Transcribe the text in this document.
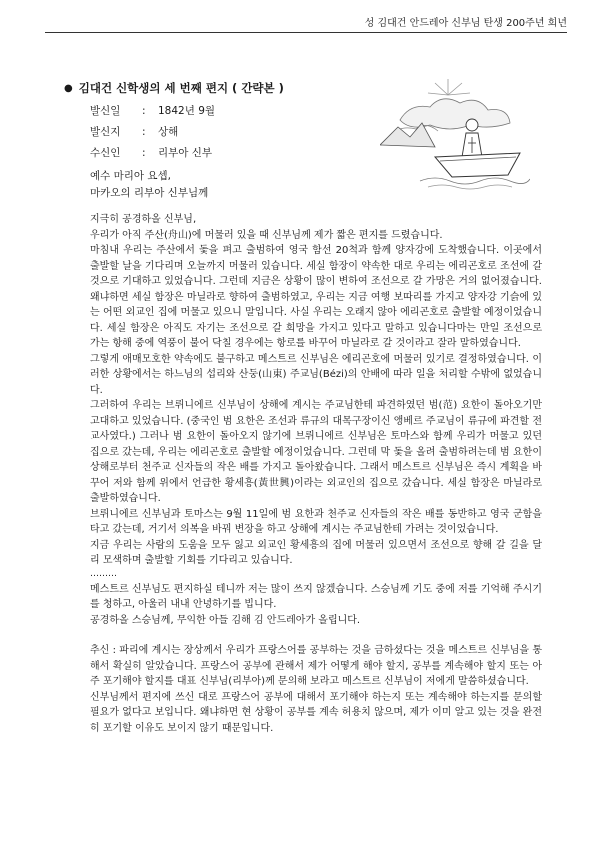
성 김대건 안드레아 신부님 탄생 200주년 희년
● 김대건 신학생의 세 번째 편지 ( 간략본 )
발신일	:	1842년 9월
발신지	:	상해
수신인	:	리부아 신부
예수 마리아 요셉,
마카오의 리부아 신부님께

지극히 공경하올 신부님,

우리가 아직 주산(舟山)에 머물러 있을 때 신부님께 제가 짧은 편지를 드렸습니다.

마침내 우리는 주산에서 돛을 펴고 출범하여 영국 함선 20척과 함께 양자강에 도착했습니다. 이곳에서 출발할 날을 기다리며 오늘까지 머물러 있습니다. 세실 함장이 약속한 대로 우리는 에리곤호로 조선에 갈 것으로 기대하고 있었습니다. 그런데 지금은 상황이 많이 변하여 조선으로 갈 가망은 거의 없어졌습니다. 왜냐하면 세실 함장은 마닐라로 향하여 출범하였고, 우리는 지금 여행 보따리를 가지고 양자강 기슭에 있는 어떤 외교인 집에 머물고 있으니 말입니다. 사실 우리는 오래지 않아 에리곤호로 출발할 예정이었습니다. 세실 함장은 아직도 자기는 조선으로 갈 희망을 가지고 있다고 말하고 있습니다마는 만일 조선으로 가는 항해 중에 역풍이 불어 닥칠 경우에는 항로를 바꾸어 마닐라로 갈 것이라고 잘라 말하였습니다.

그렇게 애매모호한 약속에도 불구하고 메스트르 신부님은 에리곤호에 머물러 있기로 결정하였습니다. 이러한 상황에서는 하느님의 섭리와 산둥(山東) 주교님(Bézi)의 안배에 따라 일을 처리할 수밖에 없었습니다.

그러하여 우리는 브뤼니에르 신부님이 상해에 계시는 주교님한테 파견하였던 범(范) 요한이 돌아오기만 고대하고 있었습니다. (중국인 범 요한은 조선과 류규의 대목구장이신 앵베르 주교님이 류규에 파견할 전교사였다.) 그러나 범 요한이 돌아오지 않기에 브뤼니에르 신부님은 토마스와 함께 우리가 머물고 있던 집으로 갔는데, 우리는 에리곤호로 출발할 예정이었습니다. 그런데 막 돛을 올려 출범하려는데 범 요한이 상해로부터 천주교 신자들의 작은 배를 가지고 돌아왔습니다. 그래서 메스트르 신부님은 즉시 계획을 바꾸어 저와 함께 위에서 언급한 황세흥(黃世興)이라는 외교인의 집으로 갔습니다. 세실 함장은 마닐라로 출발하였습니다.

브뤼니에르 신부님과 토마스는 9월 11일에 범 요한과 천주교 신자들의 작은 배를 동반하고 영국 군함을 타고 갔는데, 거기서 의복을 바꿔 변장을 하고 상해에 계시는 주교님한테 가려는 것이었습니다.

지금 우리는 사람의 도움을 모두 잃고 외교인 황세흥의 집에 머물러 있으면서 조선으로 향해 갈 길을 달리 모색하며 출발할 기회를 기다리고 있습니다.

………

메스트르 신부님도 편지하실 테니까 저는 많이 쓰지 않겠습니다. 스승님께 기도 중에 저를 기억해 주시기를 청하고, 아울러 내내 안녕하기를 빕니다.

공경하올 스승님께, 무익한 아들 김해 김 안드레아가 올립니다.

추신 : 파리에 계시는 장상께서 우리가 프랑스어를 공부하는 것을 금하셨다는 것을 메스트르 신부님을 통해서 확실히 알았습니다. 프랑스어 공부에 관해서 제가 어떻게 해야 할지, 공부를 계속해야 할지 또는 아주 포기해야 할지를 대표 신부님(리부아)께 문의해 보라고 메스트르 신부님이 저에게 말씀하셨습니다.

신부님께서 편지에 쓰신 대로 프랑스어 공부에 대해서 포기해야 하는지 또는 계속해야 하는지를 문의할 필요가 없다고 보입니다. 왜냐하면 현 상황이 공부를 계속 허용치 않으며, 제가 이미 알고 있는 것을 완전히 포기할 이유도 보이지 않기 때문입니다.
